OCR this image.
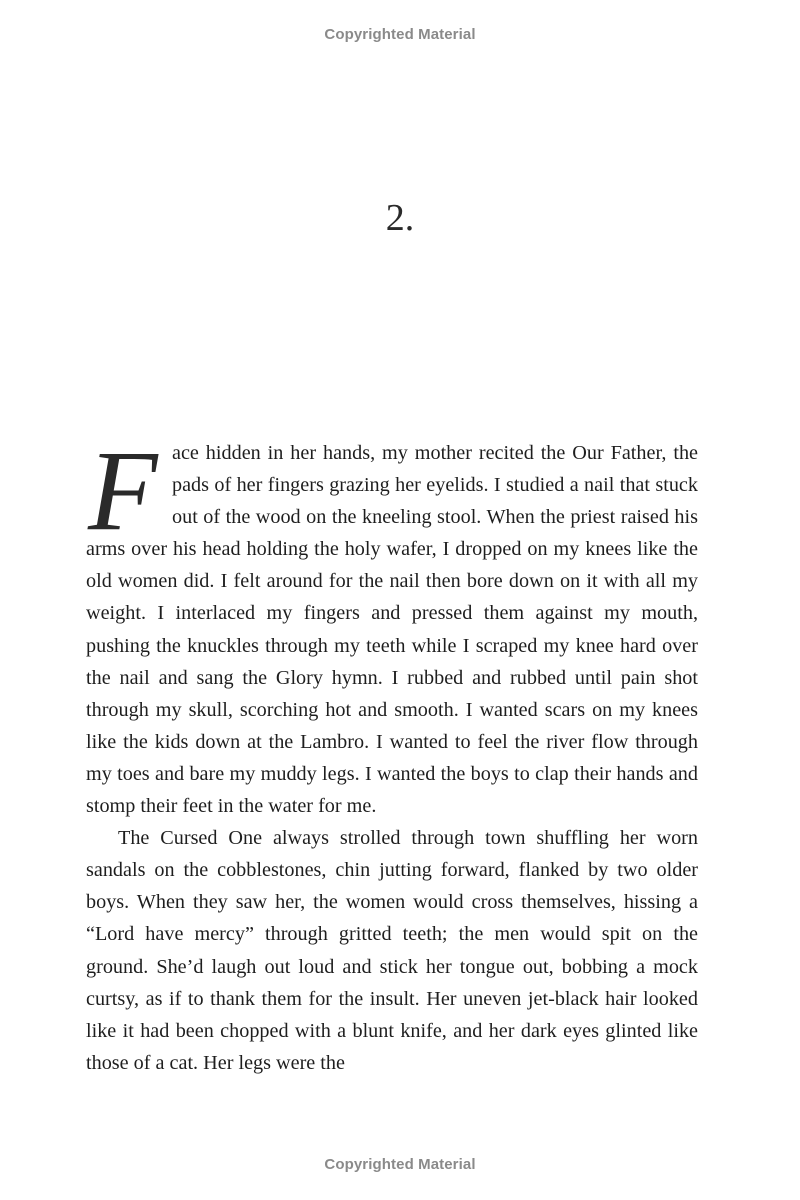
Copyrighted Material
2.

Face hidden in her hands, my mother recited the Our Father, the pads of her fingers grazing her eyelids. I studied a nail that stuck out of the wood on the kneeling stool. When the priest raised his arms over his head holding the holy wafer, I dropped on my knees like the old women did. I felt around for the nail then bore down on it with all my weight. I interlaced my fingers and pressed them against my mouth, pushing the knuckles through my teeth while I scraped my knee hard over the nail and sang the Glory hymn. I rubbed and rubbed until pain shot through my skull, scorching hot and smooth. I wanted scars on my knees like the kids down at the Lambro. I wanted to feel the river flow through my toes and bare my muddy legs. I wanted the boys to clap their hands and stomp their feet in the water for me.

The Cursed One always strolled through town shuffling her worn sandals on the cobblestones, chin jutting forward, flanked by two older boys. When they saw her, the women would cross themselves, hissing a “Lord have mercy” through gritted teeth; the men would spit on the ground. She’d laugh out loud and stick her tongue out, bobbing a mock curtsy, as if to thank them for the insult. Her uneven jet-black hair looked like it had been chopped with a blunt knife, and her dark eyes glinted like those of a cat. Her legs were the

Copyrighted Material
